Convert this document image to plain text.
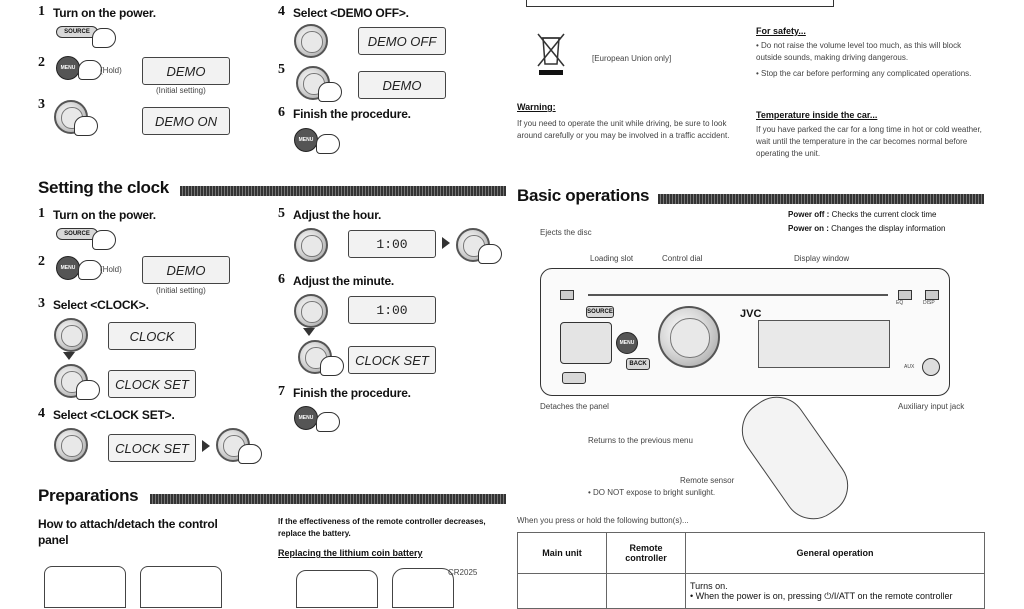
1 Turn on the power.
SOURCE
2	MENU	(Hold)	DEMO
(Initial setting)
3
DEMO ON
4 Select <DEMO OFF>.
DEMO OFF
5
DEMO
6 Finish the procedure.
MENU
[European Union only]
Warning:
If you need to operate the unit while driving, be sure to look around carefully or you may be involved in a traffic accident.
For safety...
• Do not raise the volume level too much, as this will block outside sounds, making driving dangerous.
• Stop the car before performing any complicated operations.
Temperature inside the car...
If you have parked the car for a long time in hot or cold weather, wait until the temperature in the car becomes normal before operating the unit.
Setting the clock
1 Turn on the power.
SOURCE
2	MENU	(Hold)	DEMO
(Initial setting)
3 Select <CLOCK>.
CLOCK
CLOCK SET
4 Select <CLOCK SET>.
CLOCK SET
5 Adjust the hour.
1:00
6 Adjust the minute.
1:00
CLOCK SET
7 Finish the procedure.
MENU
Preparations
How to attach/detach the control panel
If the effectiveness of the remote controller decreases, replace the battery.
Replacing the lithium coin battery
CR2025
Basic operations
Power off : Checks the current clock time
Power on : Changes the display information
Ejects the disc
Loading slot	Control dial	Display window
EQ	DISP
SOURCE
MENU
BACK
JVC
AUX
Detaches the panel
Returns to the previous menu
Remote sensor
• DO NOT expose to bright sunlight.
Auxiliary input jack
When you press or hold the following button(s)...
Main unit	Remote controller	General operation

		Turns on.
• When the power is on, pressing ⏻/I/ATT on the remote controller
